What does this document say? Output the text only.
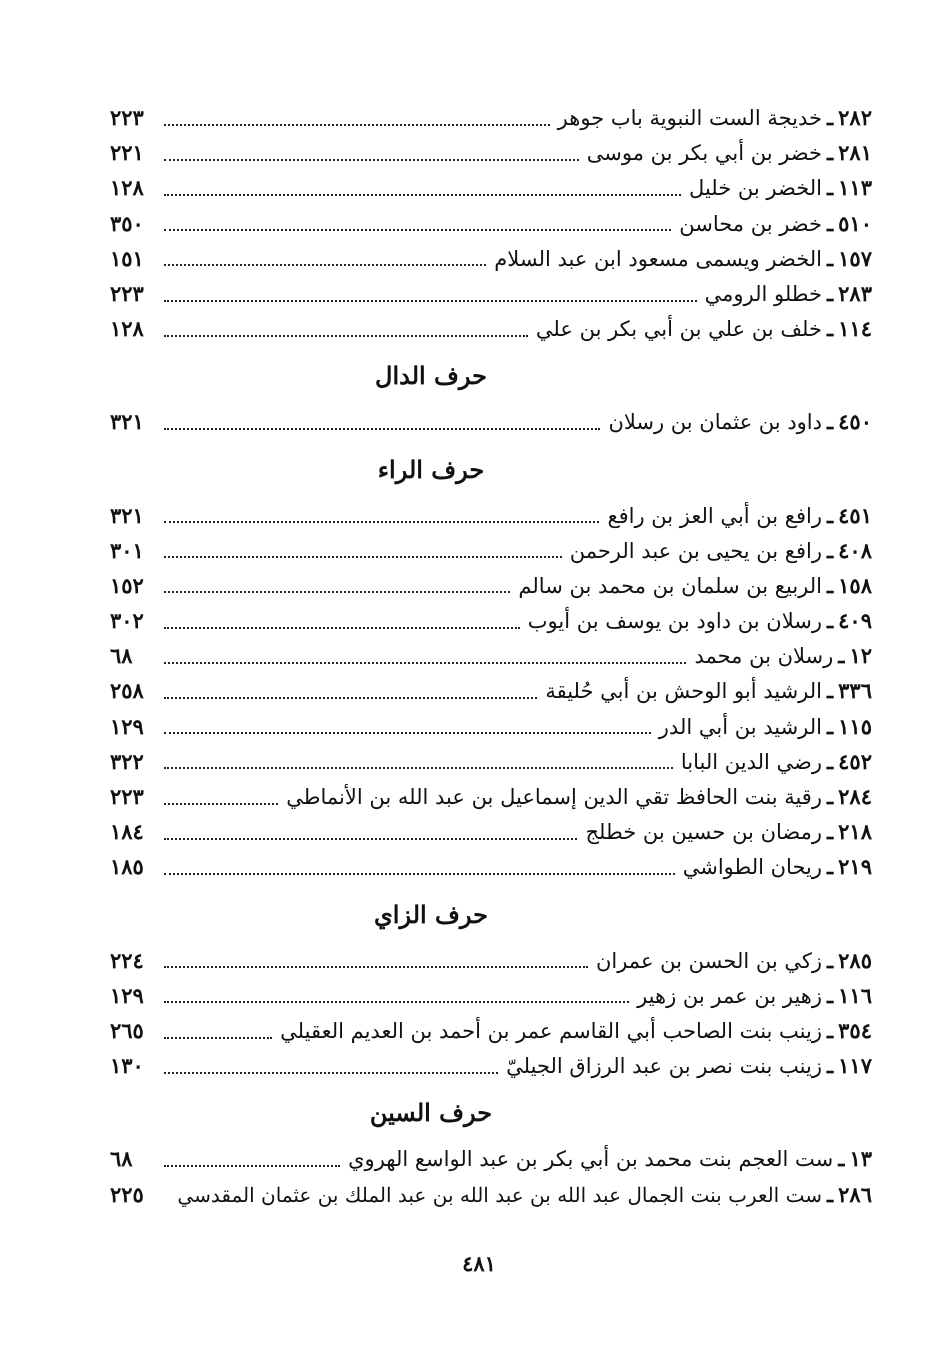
٢٨٢
ـ
خديجة الست النبوية باب جوهر
٢٢٣
٢٨١
ـ
خضر بن أبي بكر بن موسى
٢٢١
١١٣
ـ
الخضر بن خليل
١٢٨
٥١٠
ـ
خضر بن محاسن
٣٥٠
١٥٧
ـ
الخضر ويسمى مسعود ابن عبد السلام
١٥١
٢٨٣
ـ
خطلو الرومي
٢٢٣
١١٤
ـ
خلف بن علي بن أبي بكر بن علي
١٢٨
حرف الدال
٤٥٠
ـ
داود بن عثمان بن رسلان
٣٢١
حرف الراء
٤٥١
ـ
رافع بن أبي العز بن رافع
٣٢١
٤٠٨
ـ
رافع بن يحيى بن عبد الرحمن
٣٠١
١٥٨
ـ
الربيع بن سلمان بن محمد بن سالم
١٥٢
٤٠٩
ـ
رسلان بن داود بن يوسف بن أيوب
٣٠٢
١٢
ـ
رسلان بن محمد
٦٨
٣٣٦
ـ
الرشيد أبو الوحش بن أبي حُليقة
٢٥٨
١١٥
ـ
الرشيد بن أبي الدر
١٢٩
٤٥٢
ـ
رضي الدين البابا
٣٢٢
٢٨٤
ـ
رقية بنت الحافظ تقي الدين إسماعيل بن عبد الله بن الأنماطي
٢٢٣
٢١٨
ـ
رمضان بن حسين بن خطلج
١٨٤
٢١٩
ـ
ريحان الطواشي
١٨٥
حرف الزاي
٢٨٥
ـ
زكي بن الحسن بن عمران
٢٢٤
١١٦
ـ
زهير بن عمر بن زهير
١٢٩
٣٥٤
ـ
زينب بنت الصاحب أبي القاسم عمر بن أحمد بن العديم العقيلي
٢٦٥
١١٧
ـ
زينب بنت نصر بن عبد الرزاق الجيليّ
١٣٠
حرف السين
١٣
ـ
ست العجم بنت محمد بن أبي بكر بن عبد الواسع الهروي
٦٨
٢٨٦
ـ
ست العرب بنت الجمال عبد الله بن عبد الله بن عبد الملك بن عثمان المقدسي
٢٢٥
٤٨١
